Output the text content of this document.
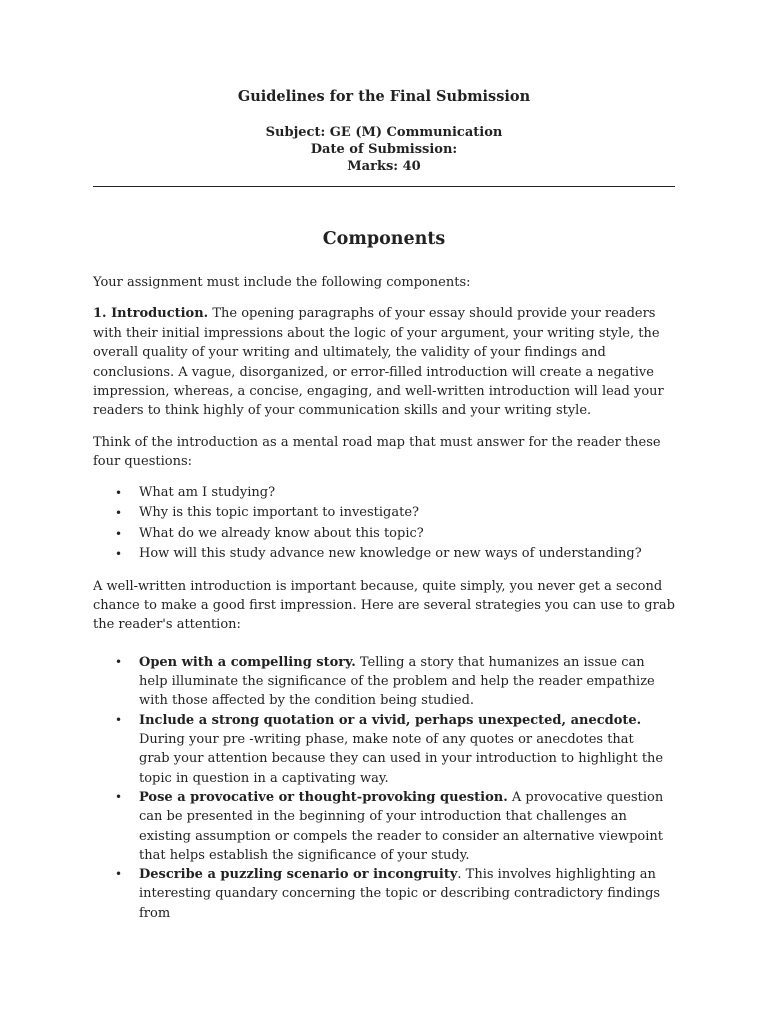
Guidelines for the Final Submission
Subject: GE (M) Communication
Date of Submission:
Marks: 40
Components

Your assignment must include the following components:

1. Introduction. The opening paragraphs of your essay should provide your readers with their initial impressions about the logic of your argument, your writing style, the overall quality of your writing and ultimately, the validity of your findings and conclusions. A vague, disorganized, or error-filled introduction will create a negative impression, whereas, a concise, engaging, and well-written introduction will lead your readers to think highly of your communication skills and your writing style.

Think of the introduction as a mental road map that must answer for the reader these four questions:

• What am I studying?
• Why is this topic important to investigate?
• What do we already know about this topic?
• How will this study advance new knowledge or new ways of understanding?

A well-written introduction is important because, quite simply, you never get a second chance to make a good first impression. Here are several strategies you can use to grab the reader's attention:

• Open with a compelling story. Telling a story that humanizes an issue can help illuminate the significance of the problem and help the reader empathize with those affected by the condition being studied.
• Include a strong quotation or a vivid, perhaps unexpected, anecdote. During your pre -writing phase, make note of any quotes or anecdotes that grab your attention because they can used in your introduction to highlight the topic in question in a captivating way.
• Pose a provocative or thought-provoking question. A provocative question can be presented in the beginning of your introduction that challenges an existing assumption or compels the reader to consider an alternative viewpoint that helps establish the significance of your study.
• Describe a puzzling scenario or incongruity. This involves highlighting an interesting quandary concerning the topic or describing contradictory findings from
